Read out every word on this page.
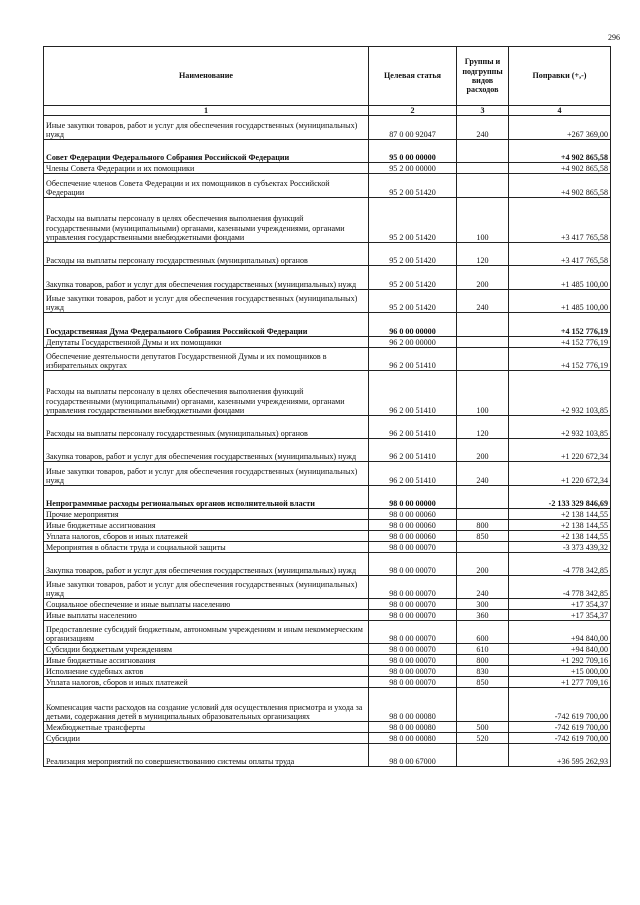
296
Наименование	Целевая статья	Группы и подгруппы видов расходов	Поправки (+,-)
1	2	3	4
Иные закупки товаров, работ и услуг для обеспечения государственных (муниципальных) нужд	87 0 00 92047	240	+267 369,00
Совет Федерации Федерального Собрания Российской Федерации	95 0 00 00000		+4 902 865,58
Члены Совета Федерации и их помощники	95 2 00 00000		+4 902 865,58
Обеспечение членов Совета Федерации и их помощников в субъектах Российской Федерации	95 2 00 51420		+4 902 865,58
Расходы на выплаты персоналу в целях обеспечения выполнения функций государственными (муниципальными) органами, казенными учреждениями, органами управления государственными внебюджетными фондами	95 2 00 51420	100	+3 417 765,58
Расходы на выплаты персоналу государственных (муниципальных) органов	95 2 00 51420	120	+3 417 765,58
Закупка товаров, работ и услуг для обеспечения государственных (муниципальных) нужд	95 2 00 51420	200	+1 485 100,00
Иные закупки товаров, работ и услуг для обеспечения государственных (муниципальных) нужд	95 2 00 51420	240	+1 485 100,00
Государственная Дума Федерального Собрания Российской Федерации	96 0 00 00000		+4 152 776,19
Депутаты Государственной Думы и их помощники	96 2 00 00000		+4 152 776,19
Обеспечение деятельности депутатов Государственной Думы и их помощников в избирательных округах	96 2 00 51410		+4 152 776,19
Расходы на выплаты персоналу в целях обеспечения выполнения функций государственными (муниципальными) органами, казенными учреждениями, органами управления государственными внебюджетными фондами	96 2 00 51410	100	+2 932 103,85
Расходы на выплаты персоналу государственных (муниципальных) органов	96 2 00 51410	120	+2 932 103,85
Закупка товаров, работ и услуг для обеспечения государственных (муниципальных) нужд	96 2 00 51410	200	+1 220 672,34
Иные закупки товаров, работ и услуг для обеспечения государственных (муниципальных) нужд	96 2 00 51410	240	+1 220 672,34
Непрограммные расходы региональных органов исполнительной власти	98 0 00 00000		-2 133 329 846,69
Прочие мероприятия	98 0 00 00060		+2 138 144,55
Иные бюджетные ассигнования	98 0 00 00060	800	+2 138 144,55
Уплата налогов, сборов и иных платежей	98 0 00 00060	850	+2 138 144,55
Мероприятия в области труда и социальной защиты	98 0 00 00070		-3 373 439,32
Закупка товаров, работ и услуг для обеспечения государственных (муниципальных) нужд	98 0 00 00070	200	-4 778 342,85
Иные закупки товаров, работ и услуг для обеспечения государственных (муниципальных) нужд	98 0 00 00070	240	-4 778 342,85
Социальное обеспечение и иные выплаты населению	98 0 00 00070	300	+17 354,37
Иные выплаты населению	98 0 00 00070	360	+17 354,37
Предоставление субсидий бюджетным, автономным учреждениям и иным некоммерческим организациям	98 0 00 00070	600	+94 840,00
Субсидии бюджетным учреждениям	98 0 00 00070	610	+94 840,00
Иные бюджетные ассигнования	98 0 00 00070	800	+1 292 709,16
Исполнение судебных актов	98 0 00 00070	830	+15 000,00
Уплата налогов, сборов и иных платежей	98 0 00 00070	850	+1 277 709,16
Компенсация части расходов на создание условий для осуществления присмотра и ухода за детьми, содержания детей в муниципальных образовательных организациях	98 0 00 00080		-742 619 700,00
Межбюджетные трансферты	98 0 00 00080	500	-742 619 700,00
Субсидии	98 0 00 00080	520	-742 619 700,00
Реализация мероприятий по совершенствованию системы оплаты труда	98 0 00 67000		+36 595 262,93
